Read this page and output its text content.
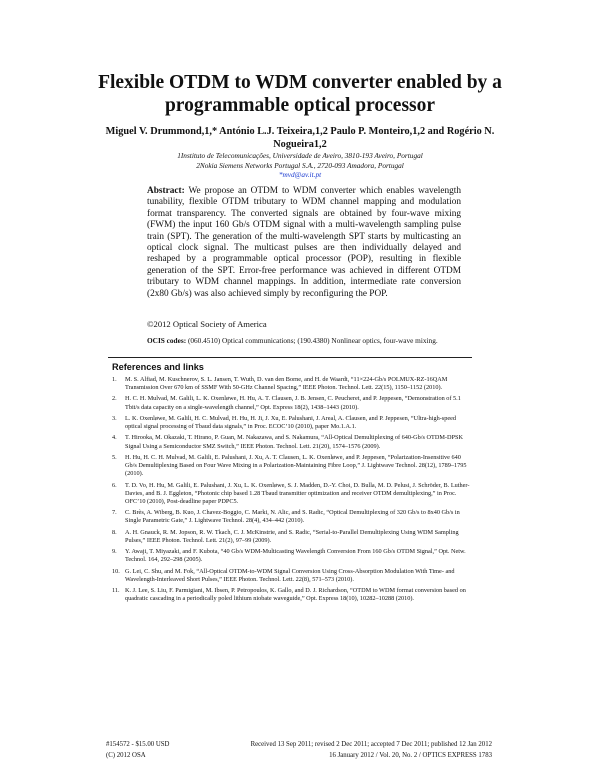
Flexible OTDM to WDM converter enabled by a programmable optical processor
Miguel V. Drummond,1,* António L.J. Teixeira,1,2 Paulo P. Monteiro,1,2 and Rogério N. Nogueira1,2
1Instituto de Telecomunicações, Universidade de Aveiro, 3810-193 Aveiro, Portugal
2Nokia Siemens Networks Portugal S.A., 2720-093 Amadora, Portugal
*mvd@av.it.pt
Abstract: We propose an OTDM to WDM converter which enables wavelength tunability, flexible OTDM tributary to WDM channel mapping and modulation format transparency. The converted signals are obtained by four-wave mixing (FWM) the input 160 Gb/s OTDM signal with a multi-wavelength sampling pulse train (SPT). The generation of the multi-wavelength SPT starts by multicasting an optical clock signal. The multicast pulses are then individually delayed and reshaped by a programmable optical processor (POP), resulting in flexible generation of the SPT. Error-free performance was achieved in different OTDM tributary to WDM channel mappings. In addition, intermediate rate conversion (2x80 Gb/s) was also achieved simply by reconfiguring the POP.
©2012 Optical Society of America
OCIS codes: (060.4510) Optical communications; (190.4380) Nonlinear optics, four-wave mixing.
References and links
1.	M. S. Alfiad, M. Kuschnerov, S. L. Jansen, T. Wuth, D. van den Borne, and H. de Waardt, “11×224-Gb/s POLMUX-RZ-16QAM Transmission Over 670 km of SSMF With 50-GHz Channel Spacing,” IEEE Photon. Technol. Lett. 22(15), 1150–1152 (2010).
2.	H. C. H. Mulvad, M. Galili, L. K. Oxenløwe, H. Hu, A. T. Clausen, J. B. Jensen, C. Peucheret, and P. Jeppesen, “Demonstration of 5.1 Tbit/s data capacity on a single-wavelength channel,” Opt. Express 18(2), 1438–1443 (2010).
3.	L. K. Oxenløwe, M. Galili, H. C. Mulvad, H. Hu, H. Ji, J. Xu, E. Palushani, J. Areal, A. Clausen, and P. Jeppesen, “Ultra-high-speed optical signal processing of Tbaud data signals,” in Proc. ECOC’10 (2010), paper Mo.1.A.1.
4.	T. Hirooka, M. Okazaki, T. Hirano, P. Guan, M. Nakazawa, and S. Nakamura, “All-Optical Demultiplexing of 640-Gb/s OTDM-DPSK Signal Using a Semiconductor SMZ Switch,” IEEE Photon. Technol. Lett. 21(20), 1574–1576 (2009).
5.	H. Hu, H. C. H. Mulvad, M. Galili, E. Palushani, J. Xu, A. T. Clausen, L. K. Oxenløwe, and P. Jeppesen, “Polarization-Insensitive 640 Gb/s Demultiplexing Based on Four Wave Mixing in a Polarization-Maintaining Fibre Loop,” J. Lightwave Technol. 28(12), 1789–1795 (2010).
6.	T. D. Vo, H. Hu, M. Galili, E. Palushani, J. Xu, L. K. Oxenløwe, S. J. Madden, D.-Y. Choi, D. Bulla, M. D. Pelusi, J. Schröder, B. Luther-Davies, and B. J. Eggleton, “Photonic chip based 1.28 Tbaud transmitter optimization and receiver OTDM demultiplexing,” in Proc. OFC’10 (2010), Post-deadline paper PDPC5.
7.	C. Brès, A. Wiberg, B. Kuo, J. Chavez-Boggio, C. Marki, N. Alic, and S. Radic, “Optical Demultiplexing of 320 Gb/s to 8x40 Gb/s in Single Parametric Gate,” J. Lightwave Technol. 28(4), 434–442 (2010).
8.	A. H. Gnauck, R. M. Jopson, R. W. Tkach, C. J. McKinstrie, and S. Radic, “Serial-to-Parallel Demultiplexing Using WDM Sampling Pulses,” IEEE Photon. Technol. Lett. 21(2), 97–99 (2009).
9.	Y. Awaji, T. Miyazaki, and F. Kubota, “40 Gb/s WDM-Multicasting Wavelength Conversion From 160 Gb/s OTDM Signal,” Opt. Netw. Technol. 164, 292–298 (2005).
10. G. Lei, C. Shu, and M. Fok, “All-Optical OTDM-to-WDM Signal Conversion Using Cross-Absorption Modulation With Time- and Wavelength-Interleaved Short Pulses,” IEEE Photon. Technol. Lett. 22(8), 571–573 (2010).
11. K. J. Lee, S. Liu, F. Parmigiani, M. Ibsen, P. Petropoulos, K. Gallo, and D. J. Richardson, “OTDM to WDM format conversion based on quadratic cascading in a periodically poled lithium niobate waveguide,” Opt. Express 18(10), 10282–10288 (2010).
#154572 - $15.00 USD	Received 13 Sep 2011; revised 2 Dec 2011; accepted 7 Dec 2011; published 12 Jan 2012
(C) 2012 OSA	16 January 2012 / Vol. 20, No. 2 / OPTICS EXPRESS 1783
